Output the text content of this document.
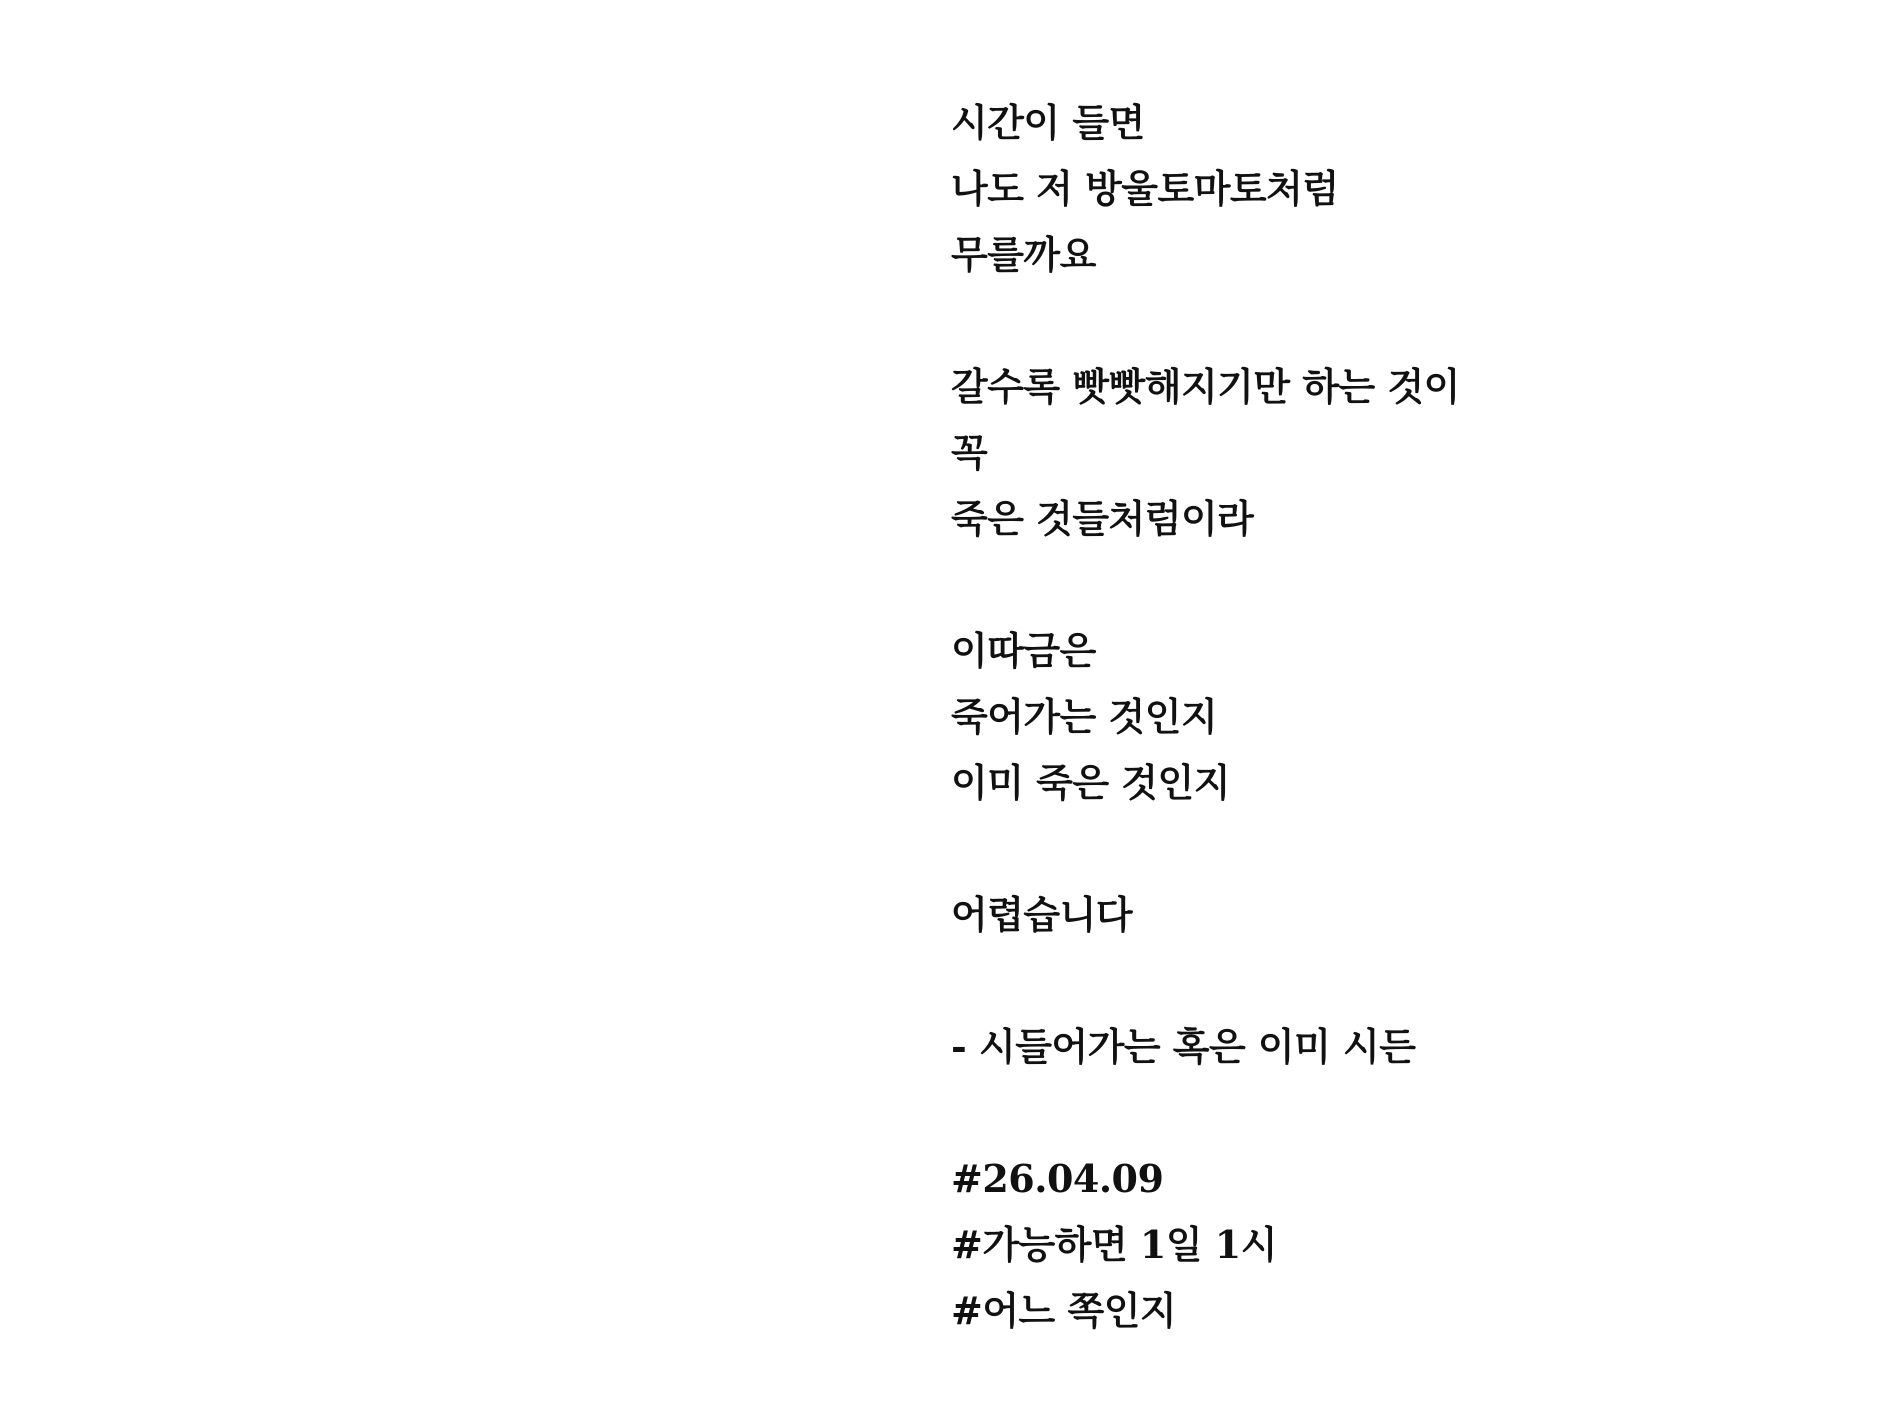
시간이 들면
나도 저 방울토마토처럼
무를까요
갈수록 빳빳해지기만 하는 것이
꼭
죽은 것들처럼이라
이따금은
죽어가는 것인지
이미 죽은 것인지
어렵습니다
- 시들어가는 혹은 이미 시든
#26.04.09
#가능하면 1일 1시
#어느 쪽인지
